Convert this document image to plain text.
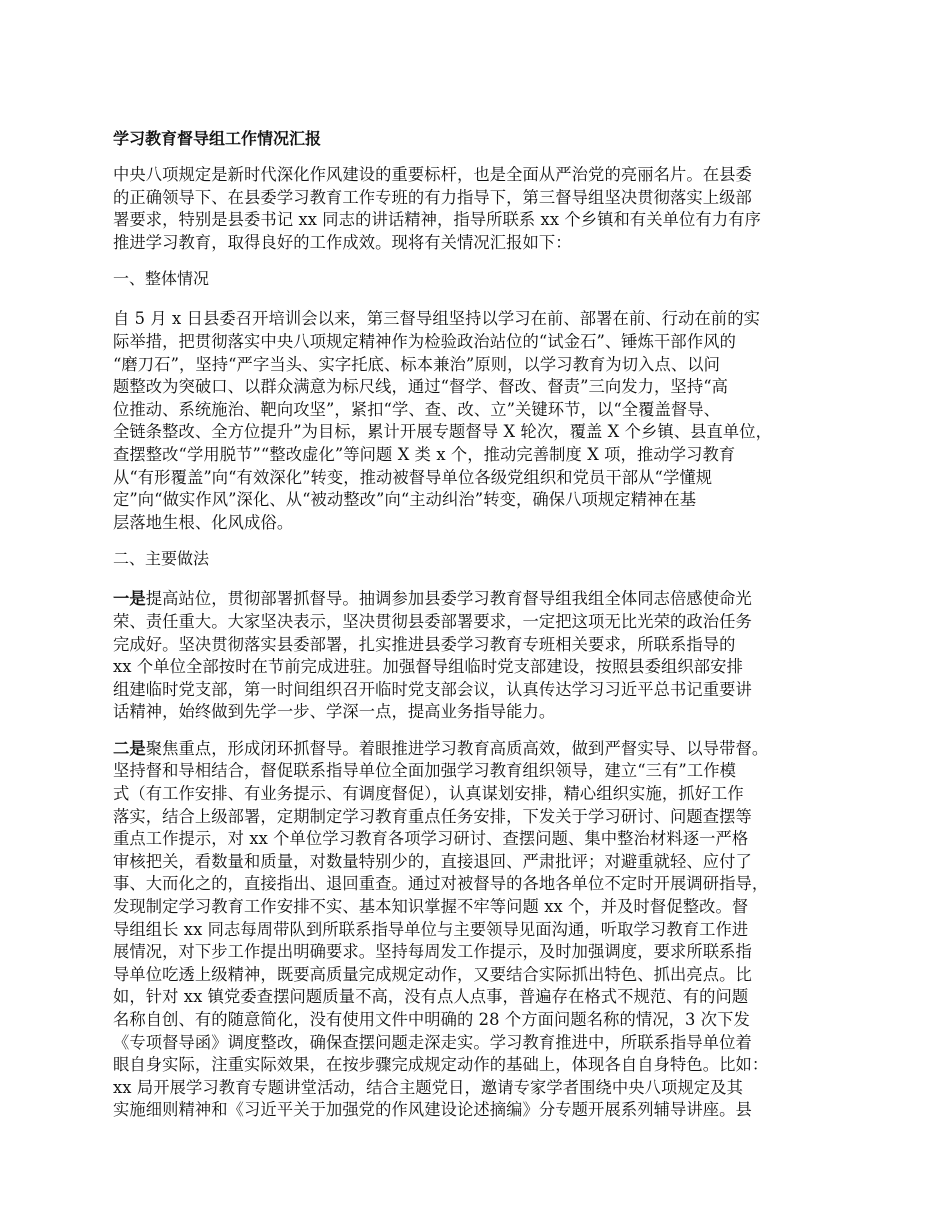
学习教育督导组工作情况汇报
中央八项规定是新时代深化作风建设的重要标杆，也是全面从严治党的亮丽名片。在县委
的正确领导下、在县委学习教育工作专班的有力指导下，第三督导组坚决贯彻落实上级部
署要求，特别是县委书记 xx 同志的讲话精神，指导所联系 xx 个乡镇和有关单位有力有序
推进学习教育，取得良好的工作成效。现将有关情况汇报如下：
一、整体情况
自 5 月 x 日县委召开培训会以来，第三督导组坚持以学习在前、部署在前、行动在前的实
际举措，把贯彻落实中央八项规定精神作为检验政治站位的“试金石”、锤炼干部作风的
“磨刀石”，坚持“严字当头、实字托底、标本兼治”原则，以学习教育为切入点、以问
题整改为突破口、以群众满意为标尺线，通过“督学、督改、督责”三向发力，坚持“高
位推动、系统施治、靶向攻坚”，紧扣“学、查、改、立”关键环节，以“全覆盖督导、
全链条整改、全方位提升”为目标，累计开展专题督导 X 轮次，覆盖 X 个乡镇、县直单位，
查摆整改“学用脱节”“整改虚化”等问题 X 类 x 个，推动完善制度 X 项，推动学习教育
从“有形覆盖”向“有效深化”转变，推动被督导单位各级党组织和党员干部从“学懂规
定”向“做实作风”深化、从“被动整改”向“主动纠治”转变，确保八项规定精神在基
层落地生根、化风成俗。
二、主要做法
一是提高站位，贯彻部署抓督导。抽调参加县委学习教育督导组我组全体同志倍感使命光
荣、责任重大。大家坚决表示，坚决贯彻县委部署要求，一定把这项无比光荣的政治任务
完成好。坚决贯彻落实县委部署，扎实推进县委学习教育专班相关要求，所联系指导的
xx 个单位全部按时在节前完成进驻。加强督导组临时党支部建设，按照县委组织部安排
组建临时党支部，第一时间组织召开临时党支部会议，认真传达学习习近平总书记重要讲
话精神，始终做到先学一步、学深一点，提高业务指导能力。
二是聚焦重点，形成闭环抓督导。着眼推进学习教育高质高效，做到严督实导、以导带督。
坚持督和导相结合，督促联系指导单位全面加强学习教育组织领导，建立“三有”工作模
式（有工作安排、有业务提示、有调度督促），认真谋划安排，精心组织实施，抓好工作
落实，结合上级部署，定期制定学习教育重点任务安排，下发关于学习研讨、问题查摆等
重点工作提示，对 xx 个单位学习教育各项学习研讨、查摆问题、集中整治材料逐一严格
审核把关，看数量和质量，对数量特别少的，直接退回、严肃批评；对避重就轻、应付了
事、大而化之的，直接指出、退回重查。通过对被督导的各地各单位不定时开展调研指导，
发现制定学习教育工作安排不实、基本知识掌握不牢等问题 xx 个，并及时督促整改。督
导组组长 xx 同志每周带队到所联系指导单位与主要领导见面沟通，听取学习教育工作进
展情况，对下步工作提出明确要求。坚持每周发工作提示，及时加强调度，要求所联系指
导单位吃透上级精神，既要高质量完成规定动作，又要结合实际抓出特色、抓出亮点。比
如，针对 xx 镇党委查摆问题质量不高，没有点人点事，普遍存在格式不规范、有的问题
名称自创、有的随意简化，没有使用文件中明确的 28 个方面问题名称的情况，3 次下发
《专项督导函》调度整改，确保查摆问题走深走实。学习教育推进中，所联系指导单位着
眼自身实际，注重实际效果，在按步骤完成规定动作的基础上，体现各自自身特色。比如：
xx 局开展学习教育专题讲堂活动，结合主题党日，邀请专家学者围绕中央八项规定及其
实施细则精神和《习近平关于加强党的作风建设论述摘编》分专题开展系列辅导讲座。县
